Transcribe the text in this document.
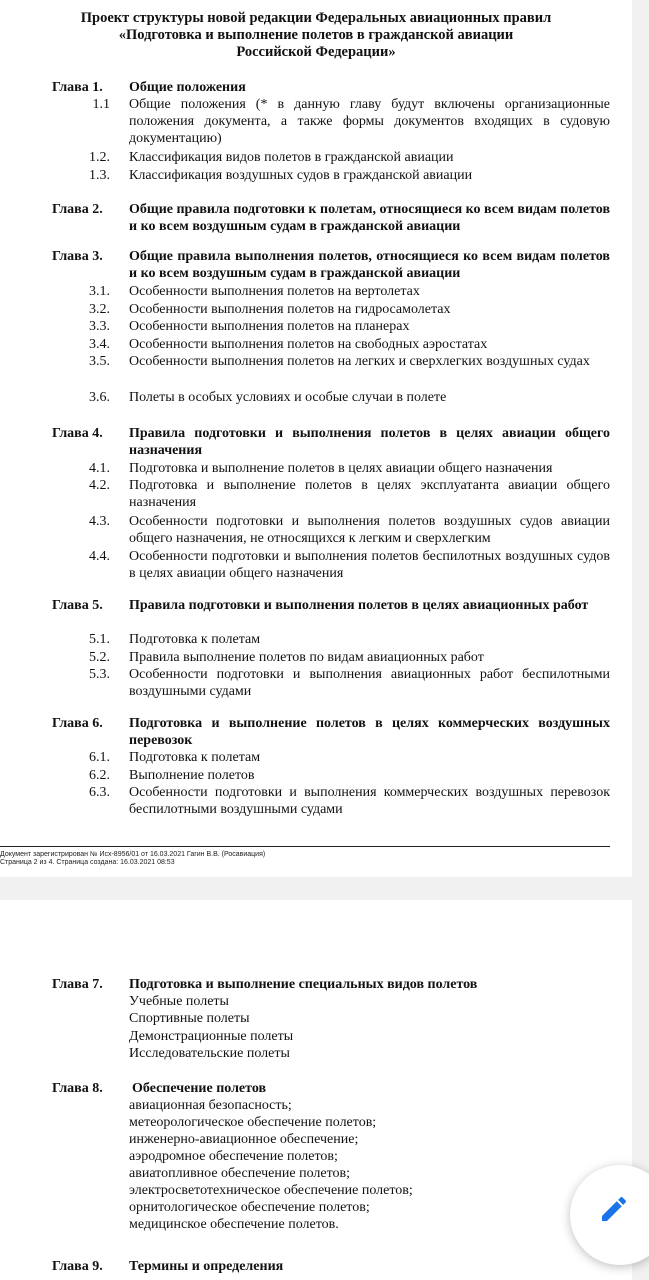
Проект структуры новой редакции Федеральных авиационных правил
«Подготовка и выполнение полетов в гражданской авиации
Российской Федерации»
Глава 1. Общие положения
1.1 Общие положения (* в данную главу будут включены организационные положения документа, а также формы документов входящих в судовую документацию)
1.2. Классификация видов полетов в гражданской авиации
1.3. Классификация воздушных судов в гражданской авиации
Глава 2. Общие правила подготовки к полетам, относящиеся ко всем видам полетов и ко всем воздушным судам в гражданской авиации
Глава 3. Общие правила выполнения полетов, относящиеся ко всем видам полетов и ко всем воздушным судам в гражданской авиации
3.1. Особенности выполнения полетов на вертолетах
3.2. Особенности выполнения полетов на гидросамолетах
3.3. Особенности выполнения полетов на планерах
3.4. Особенности выполнения полетов на свободных аэростатах
3.5. Особенности выполнения полетов на легких и сверхлегких воздушных судах
3.6. Полеты в особых условиях и особые случаи в полете
Глава 4. Правила подготовки и выполнения полетов в целях авиации общего назначения
4.1. Подготовка и выполнение полетов в целях авиации общего назначения
4.2. Подготовка и выполнение полетов в целях эксплуатанта авиации общего назначения
4.3. Особенности подготовки и выполнения полетов воздушных судов авиации общего назначения, не относящихся к легким и сверхлегким
4.4. Особенности подготовки и выполнения полетов беспилотных воздушных судов в целях авиации общего назначения
Глава 5. Правила подготовки и выполнения полетов в целях авиационных работ
5.1. Подготовка к полетам
5.2. Правила выполнение полетов по видам авиационных работ
5.3. Особенности подготовки и выполнения авиационных работ беспилотными воздушными судами
Глава 6. Подготовка и выполнение полетов в целях коммерческих воздушных перевозок
6.1. Подготовка к полетам
6.2. Выполнение полетов
6.3. Особенности подготовки и выполнения коммерческих воздушных перевозок беспилотными воздушными судами
Документ зарегистрирован № Исх-8956/01 от 16.03.2021 Гагин В.В. (Росавиация)
Страница 2 из 4. Страница создана: 16.03.2021 08:53
Глава 7. Подготовка и выполнение специальных видов полетов
Учебные полеты
Спортивные полеты
Демонстрационные полеты
Исследовательские полеты
Глава 8. Обеспечение полетов
авиационная безопасность;
метеорологическое обеспечение полетов;
инженерно-авиационное обеспечение;
аэродромное обеспечение полетов;
авиатопливное обеспечение полетов;
электросветотехническое обеспечение полетов;
орнитологическое обеспечение полетов;
медицинское обеспечение полетов.
Глава 9. Термины и определения
